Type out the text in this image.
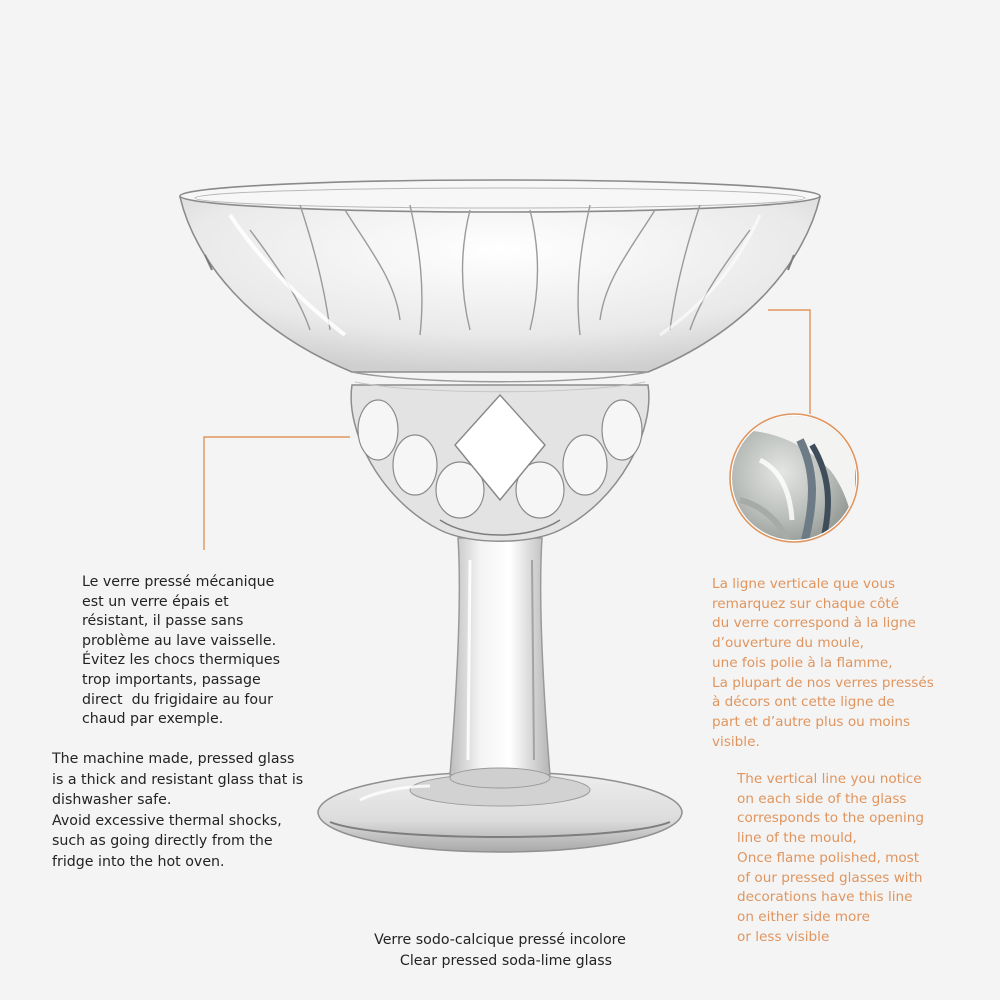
Le verre pressé mécanique
est un verre épais et
résistant, il passe sans
problème au lave vaisselle.
Évitez les chocs thermiques
trop importants, passage
direct  du frigidaire au four
chaud par exemple.
The machine made, pressed glass
is a thick and resistant glass that is
dishwasher safe.
Avoid excessive thermal shocks,
such as going directly from the
fridge into the hot oven.
La ligne verticale que vous
remarquez sur chaque côté
du verre correspond à la ligne
d’ouverture du moule,
une fois polie à la flamme,
La plupart de nos verres pressés
à décors ont cette ligne de
part et d’autre plus ou moins
visible.
The vertical line you notice
on each side of the glass
corresponds to the opening
line of the mould,
Once flame polished, most
of our pressed glasses with
decorations have this line
on either side more
or less visible
Verre sodo-calcique pressé incolore
Clear pressed soda-lime glass
